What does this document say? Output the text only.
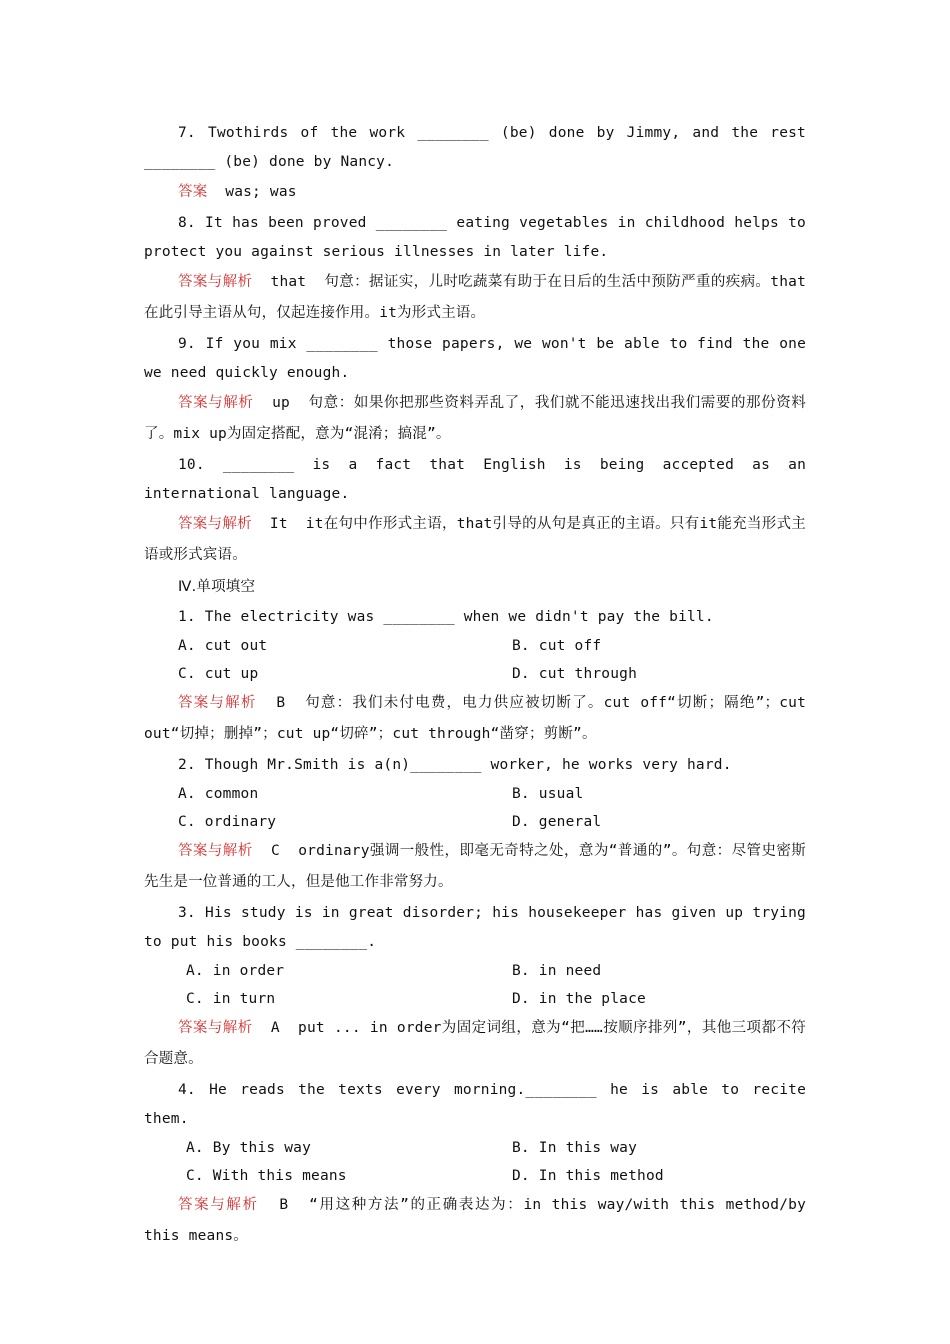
7. Twothirds of the work ________ (be) done by Jimmy, and the rest ________ (be) done by Nancy.

答案  was; was

8. It has been proved ________ eating vegetables in childhood helps to protect you against serious illnesses in later life.

答案与解析  that  句意：据证实，儿时吃蔬菜有助于在日后的生活中预防严重的疾病。that在此引导主语从句，仅起连接作用。it为形式主语。

9. If you mix ________ those papers, we won't be able to find the one we need quickly enough.

答案与解析  up  句意：如果你把那些资料弄乱了，我们就不能迅速找出我们需要的那份资料了。mix up为固定搭配，意为“混淆；搞混”。

10. ________ is a fact that English is being accepted as an international language.

答案与解析  It  it在句中作形式主语，that引导的从句是真正的主语。只有it能充当形式主语或形式宾语。

Ⅳ.单项填空

1. The electricity was ________ when we didn't pay the bill.

A. cut out	B. cut off
C. cut up	D. cut through

答案与解析  B  句意：我们未付电费，电力供应被切断了。cut off“切断；隔绝”；cut out“切掉；删掉”；cut up“切碎”；cut through“凿穿；剪断”。

2. Though Mr.Smith is a(n)________ worker, he works very hard.

A. common	B. usual
C. ordinary	D. general

答案与解析  C  ordinary强调一般性，即毫无奇特之处，意为“普通的”。句意：尽管史密斯先生是一位普通的工人，但是他工作非常努力。

3. His study is in great disorder; his housekeeper has given up trying to put his books ________.

A. in order	B. in need
C. in turn	D. in the place

答案与解析  A  put ... in order为固定词组，意为“把……按顺序排列”，其他三项都不符合题意。

4. He reads the texts every morning.________ he is able to recite them.

A. By this way	B. In this way
C. With this means	D. In this method

答案与解析  B  “用这种方法”的正确表达为：in this way/with this method/by this means。
